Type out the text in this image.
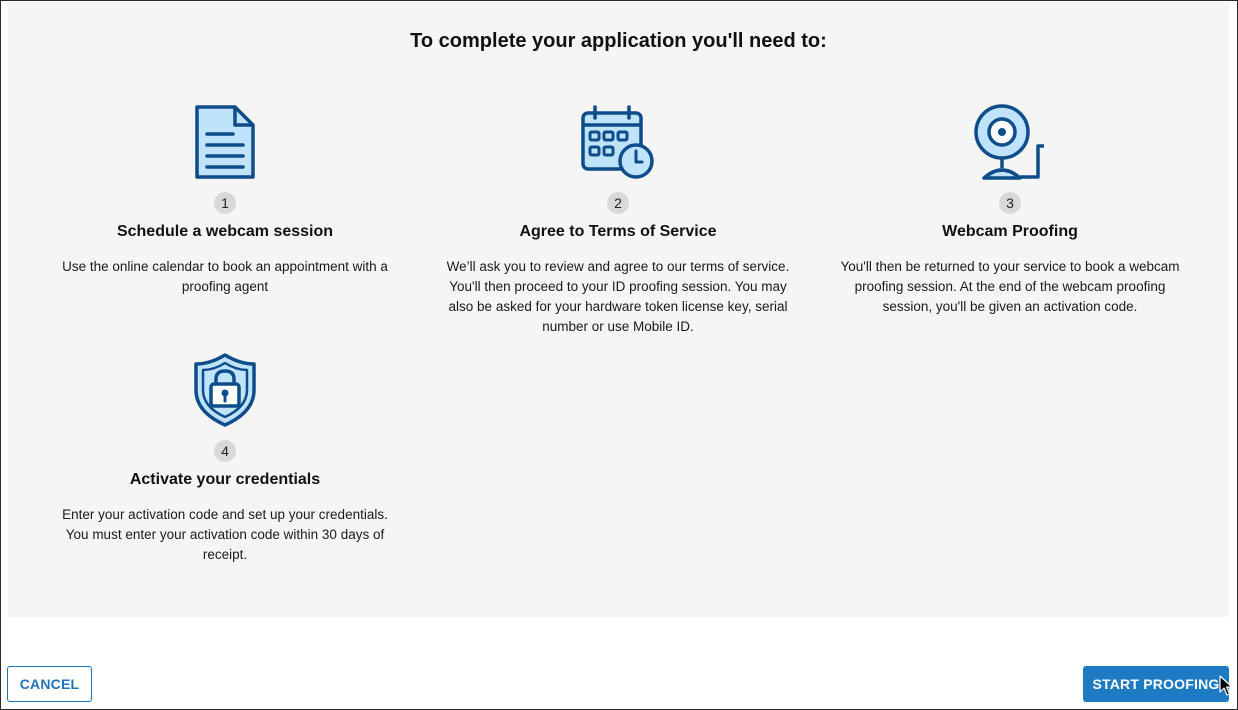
To complete your application you'll need to:
1
Schedule a webcam session
Use the online calendar to book an appointment with a proofing agent
2
Agree to Terms of Service
We’ll ask you to review and agree to our terms of service. You'll then proceed to your ID proofing session. You may also be asked for your hardware token license key, serial number or use Mobile ID.
3
Webcam Proofing
You'll then be returned to your service to book a webcam proofing session. At the end of the webcam proofing session, you'll be given an activation code.
4
Activate your credentials
Enter your activation code and set up your credentials. You must enter your activation code within 30 days of receipt.
CANCEL	START PROOFING
